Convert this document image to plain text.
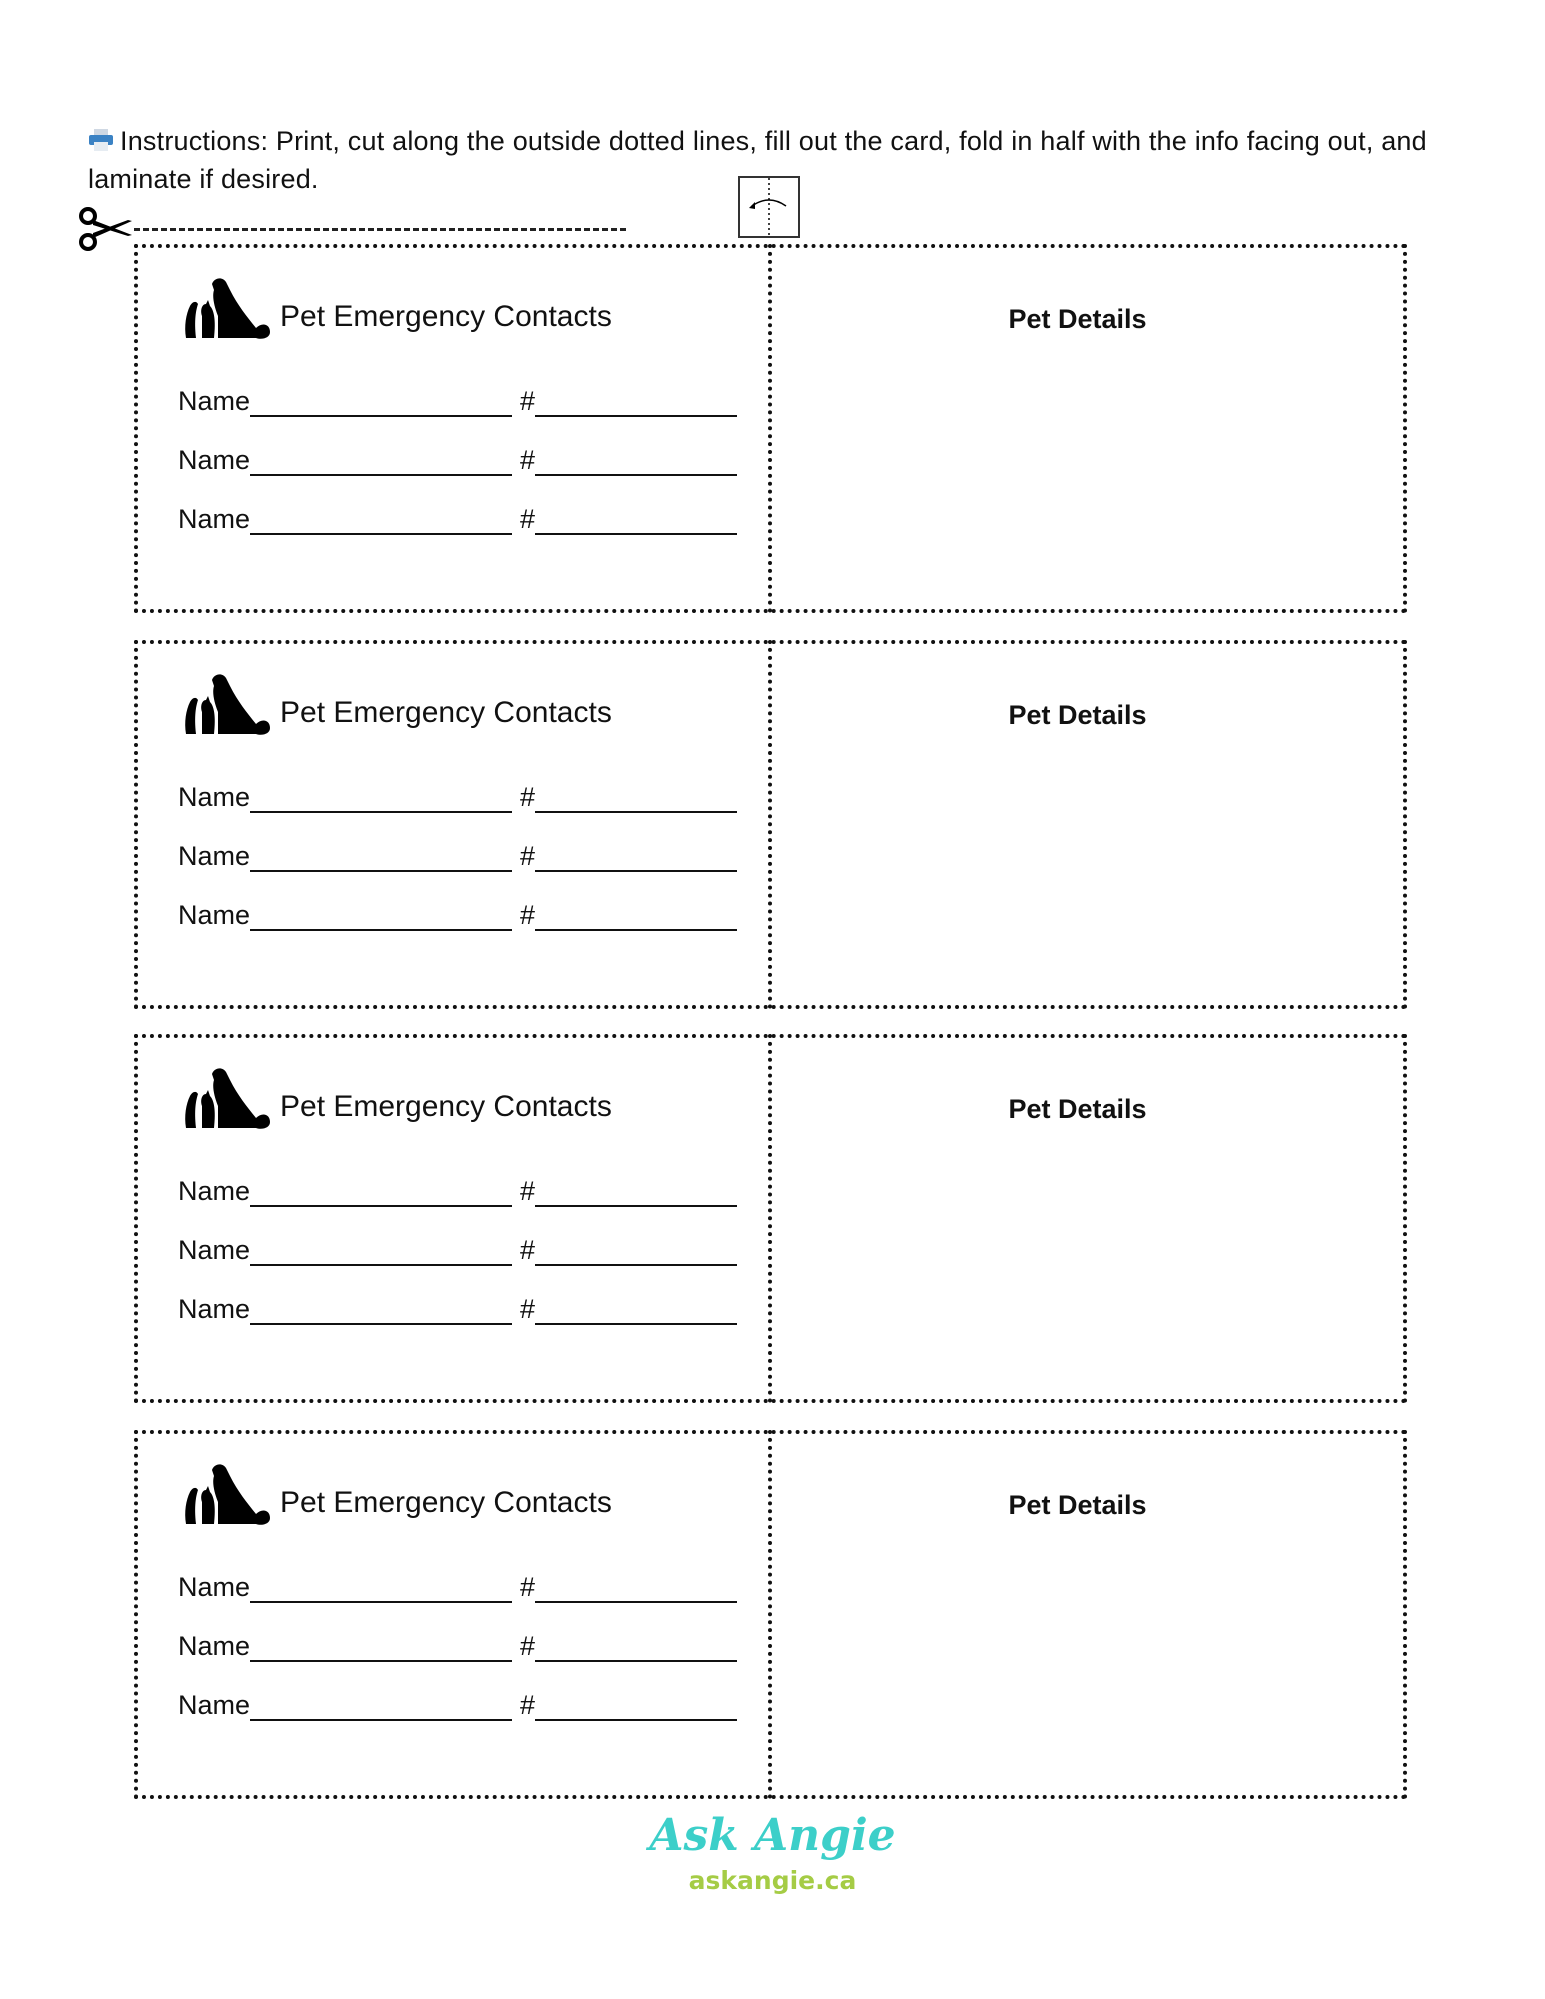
Instructions: Print, cut along the outside dotted lines, fill out the card, fold in half with the info facing out, and laminate if desired.
Pet Emergency Contacts
Name	#
Name	#
Name	#
Pet Details
Pet Emergency Contacts
Name	#
Name	#
Name	#
Pet Details
Pet Emergency Contacts
Name	#
Name	#
Name	#
Pet Details
Pet Emergency Contacts
Name	#
Name	#
Name	#
Pet Details
Ask Angie
askangie.ca
